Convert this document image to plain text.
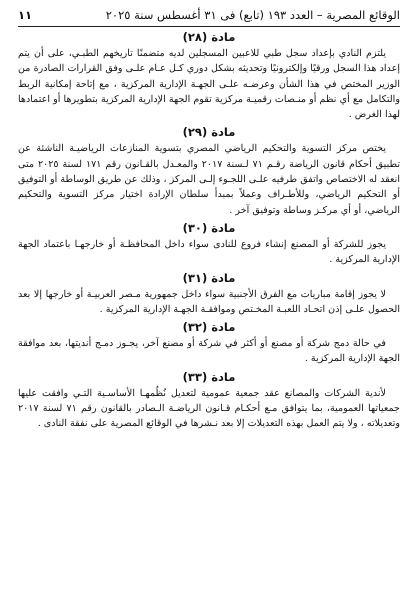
الوقائع المصرية – العدد ١٩٣ (تابع) فى ٣١ أغسطس سنة ٢٠٢٥
١١
مادة (٢٨)

يلتزم النادي بإعداد سجل طبي للاعبين المسجلين لديه متضمنًا تاريخهم الطبـي، على أن يتم إعداد هذا السجل ورقيًا وإلكترونيًا وتحديثه بشكل دوري كـل عـام علـى وفق القرارات الصادرة من الوزير المختص في هذا الشأن وعرضـه علـى الجهـة الإدارية المركزية ، مع إتاحة إمكانية الربط والتكامل مع أي نظم أو منـصات رقميـة مركزية تقوم الجهة الإدارية المركزية بتطويرها أو اعتمادها لهذا الغرض .

مادة (٢٩)

يختص مركز التسوية والتحكيم الرياضي المصري بتسوية المنازعات الرياضيـة الناشئة عن تطبيق أحكام قانون الرياضة رقـم ٧١ لـسنة ٢٠١٧ والمعـدل بالقـانون رقم ١٧١ لسنة ٢٠٢٥ متى انعقد له الاختصاص واتفق طرفيه علـى اللجـوء إلـى المركز ، وذلك عن طريق الوساطة أو التوفيق أو التحكيم الرياضي، وللأطـراف وعملاً بمبدأ سلطان الإرادة اختيار مركز التسوية والتحكيم الرياضي، أو أي مركـز وساطة وتوفيق آخر .

مادة (٣٠)

يجوز للشركة أو المصنع إنشاء فروع للنادى سواء داخل المحافظـة أو خارجهـا باعتماد الجهة الإدارية المركزية .

مادة (٣١)

لا يجوز إقامة مباريات مع الفرق الأجنبية سواء داخل جمهورية مـصر العربيـة أو خارجها إلا بعد الحصول علـى إذن اتحـاد اللعبـة المخـتص وموافقـة الجهـة الإدارية المركزية .

مادة (٣٢)

في حالة دمج شركة أو مصنع أو أكثر في شركة أو مصنع آخر، يجـوز دمـج أنديتها، بعد موافقة الجهة الإدارية المركزية .

مادة (٣٣)

لأندية الشركات والمصانع عقد جمعية عمومية لتعديل نُظُمهـا الأساسـية التـي وافقت عليها جمعياتها العمومية، بما يتوافق مـع أحكـام قـانون الرياضـة الـصادر بالقانون رقم ٧١ لسنة ٢٠١٧ وتعديلاته ، ولا يتم العمل بهذه التعديلات إلا بعد نـشرها في الوقائع المصرية على نفقة النادى .
